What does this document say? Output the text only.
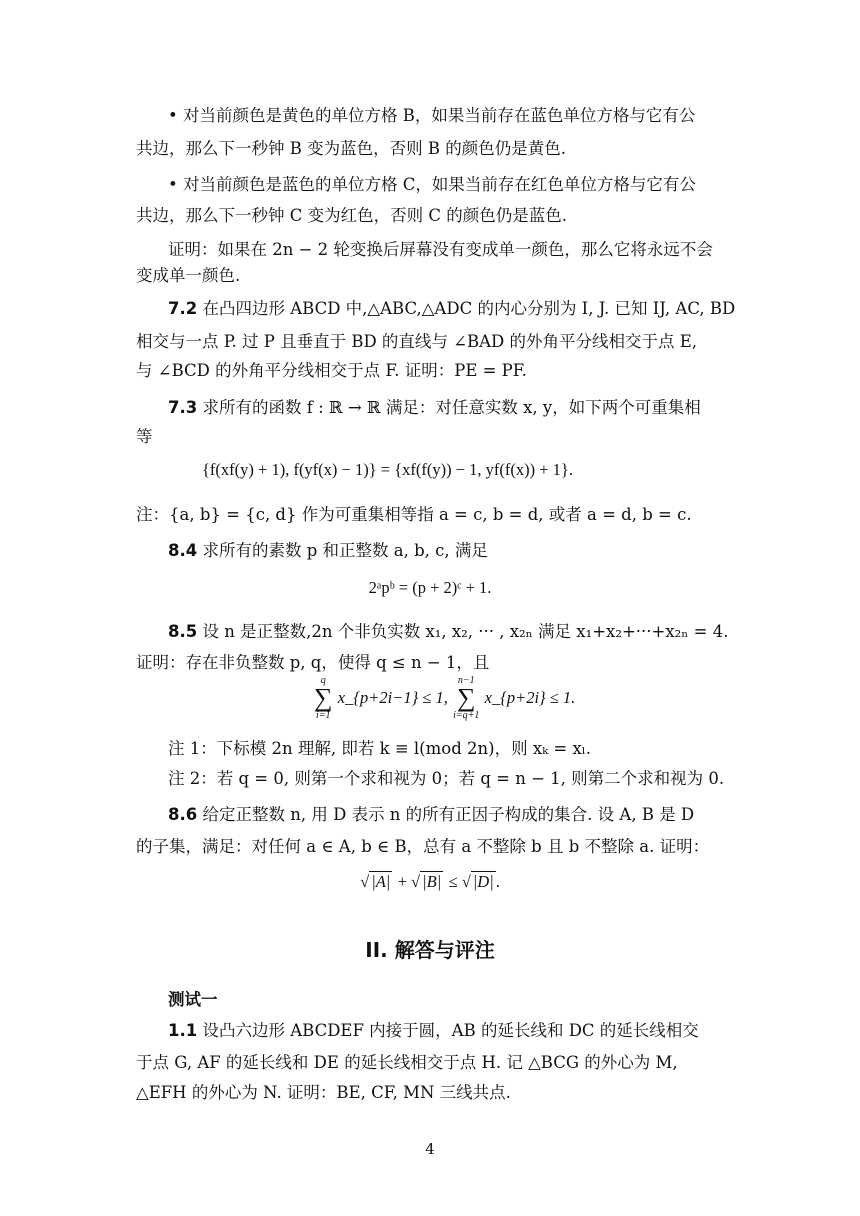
• 对当前颜色是黄色的单位方格 B，如果当前存在蓝色单位方格与它有公
共边，那么下一秒钟 B 变为蓝色，否则 B 的颜色仍是黄色.
• 对当前颜色是蓝色的单位方格 C，如果当前存在红色单位方格与它有公
共边，那么下一秒钟 C 变为红色，否则 C 的颜色仍是蓝色.
证明：如果在 2n − 2 轮变换后屏幕没有变成单一颜色，那么它将永远不会
变成单一颜色.
7.2 在凸四边形 ABCD 中,△ABC,△ADC 的内心分别为 I, J. 已知 IJ, AC, BD
相交与一点 P. 过 P 且垂直于 BD 的直线与 ∠BAD 的外角平分线相交于点 E,
与 ∠BCD 的外角平分线相交于点 F. 证明：PE = PF.
7.3 求所有的函数 f : ℝ → ℝ 满足：对任意实数 x, y，如下两个可重集相
等
{f(xf(y) + 1), f(yf(x) − 1)} = {xf(f(y)) − 1, yf(f(x)) + 1}.
注：{a, b} = {c, d} 作为可重集相等指 a = c, b = d, 或者 a = d, b = c.
8.4 求所有的素数 p 和正整数 a, b, c, 满足
2ᵃpᵇ = (p + 2)ᶜ + 1.
8.5 设 n 是正整数,2n 个非负实数 x₁, x₂, ··· , x₂ₙ 满足 x₁+x₂+···+x₂ₙ = 4.
证明：存在非负整数 p, q，使得 q ≤ n − 1，且
q
∑
i=1
x_{p+2i−1} ≤ 1,
n−1
∑
i=q+1
x_{p+2i} ≤ 1.
注 1：下标模 2n 理解, 即若 k ≡ l(mod 2n)，则 xₖ = xₗ.
注 2：若 q = 0, 则第一个求和视为 0；若 q = n − 1, 则第二个求和视为 0.
8.6 给定正整数 n, 用 D 表示 n 的所有正因子构成的集合. 设 A, B 是 D
的子集，满足：对任何 a ∈ A, b ∈ B，总有 a 不整除 b 且 b 不整除 a. 证明：
√ |A| + √ |B| ≤ √ |D| .
II. 解答与评注
测试一
1.1 设凸六边形 ABCDEF 内接于圆，AB 的延长线和 DC 的延长线相交
于点 G, AF 的延长线和 DE 的延长线相交于点 H. 记 △BCG 的外心为 M,
△EFH 的外心为 N. 证明：BE, CF, MN 三线共点.
4
